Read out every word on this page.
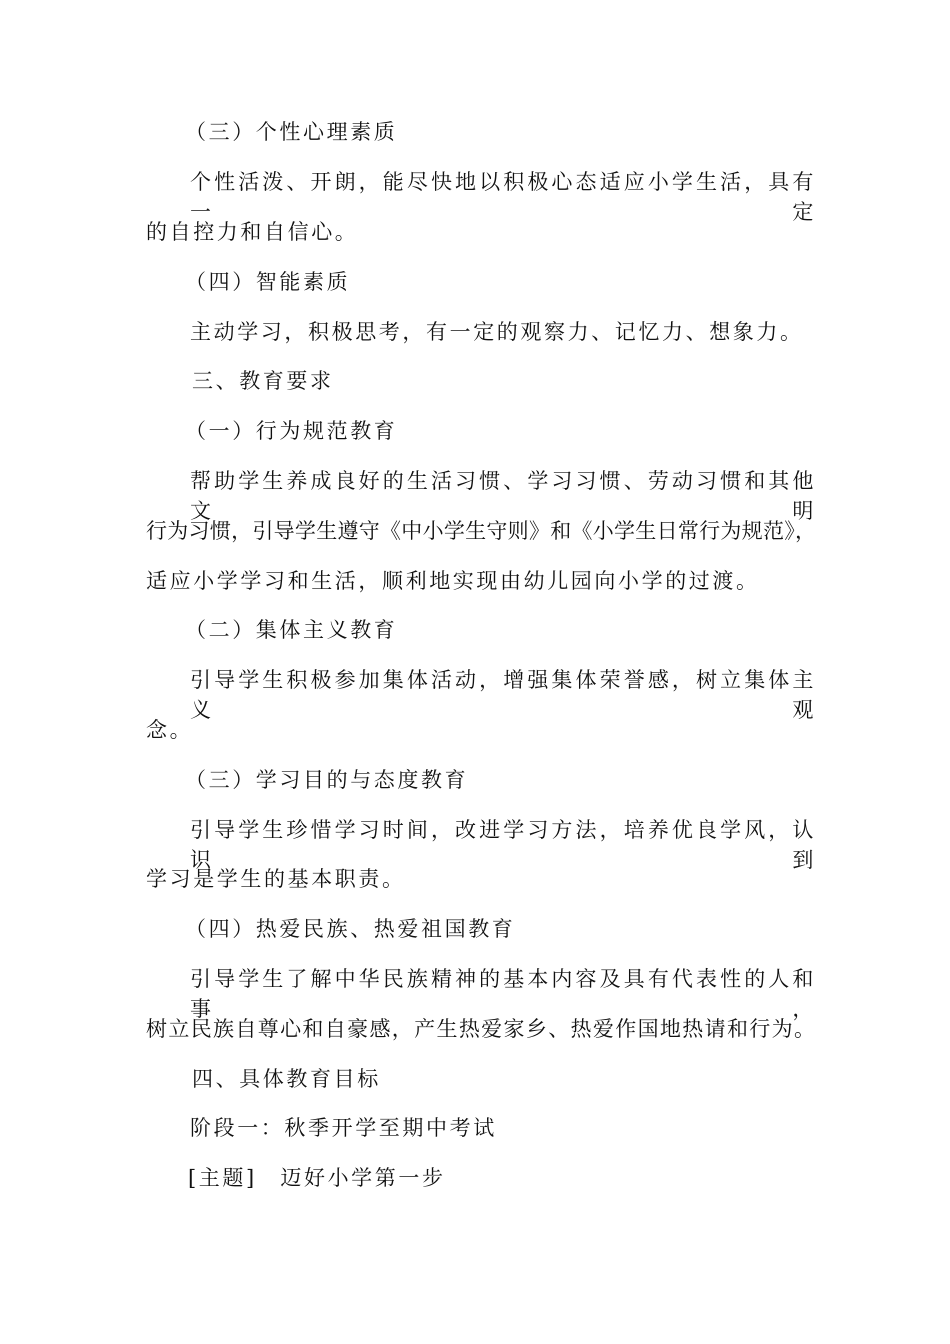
（三）个性心理素质
个性活泼、开朗，能尽快地以积极心态适应小学生活，具有一定
的自控力和自信心。
（四）智能素质
主动学习，积极思考，有一定的观察力、记忆力、想象力。
三、教育要求
（一）行为规范教育
帮助学生养成良好的生活习惯、学习习惯、劳动习惯和其他文明
行为习惯，引导学生遵守《中小学生守则》和《小学生日常行为规范》，
适应小学学习和生活，顺利地实现由幼儿园向小学的过渡。
（二）集体主义教育
引导学生积极参加集体活动，增强集体荣誉感，树立集体主义观
念。
（三）学习目的与态度教育
引导学生珍惜学习时间，改进学习方法，培养优良学风，认识到
学习是学生的基本职责。
（四）热爱民族、热爱祖国教育
引导学生了解中华民族精神的基本内容及具有代表性的人和事，
树立民族自尊心和自豪感，产生热爱家乡、热爱作国地热请和行为。
四、具体教育目标
阶段一：秋季开学至期中考试
[主题]　迈好小学第一步
